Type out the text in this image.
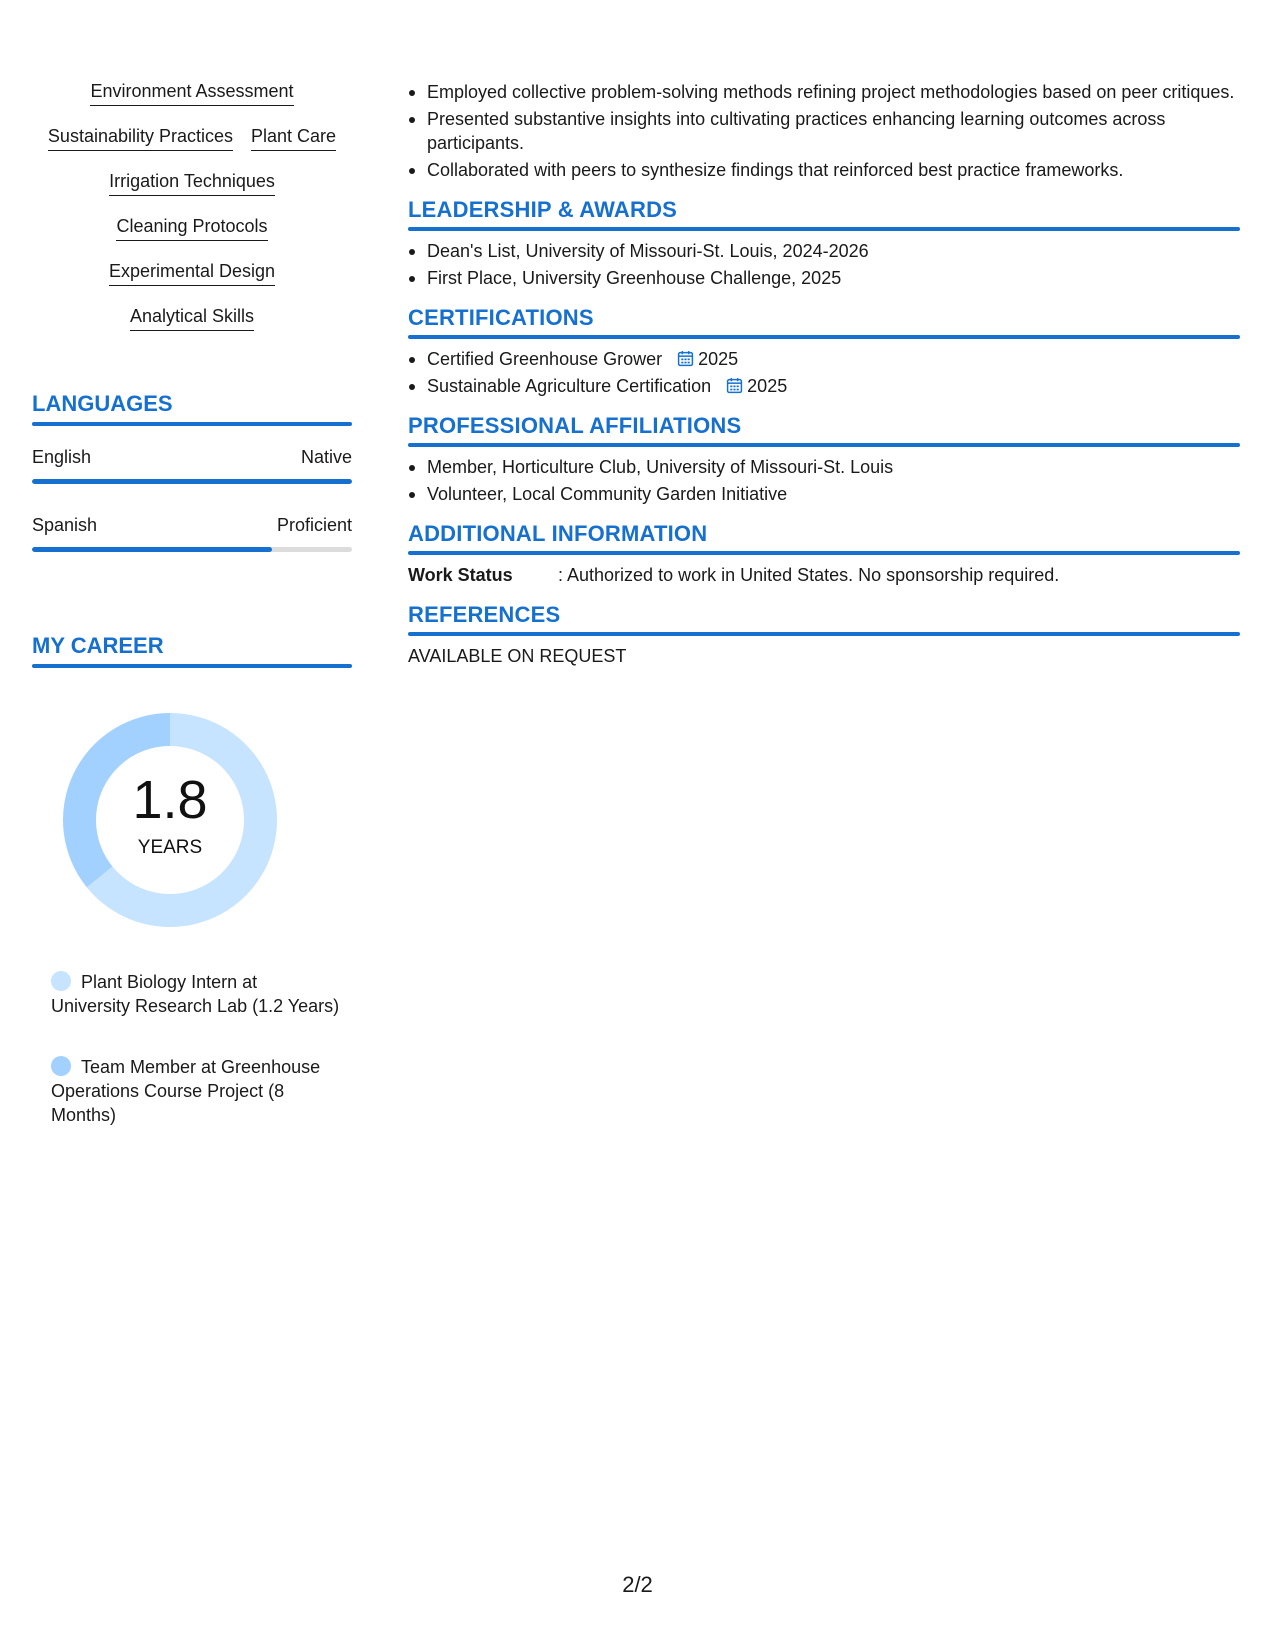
Environment Assessment
Sustainability Practices Plant Care
Irrigation Techniques
Cleaning Protocols
Experimental Design
Analytical Skills
LANGUAGES
English	Native
Spanish	Proficient
MY CAREER
1.8
YEARS
Plant Biology Intern at University Research Lab (1.2 Years)
Team Member at Greenhouse Operations Course Project (8 Months)
Employed collective problem-solving methods refining project methodologies based on peer critiques.
Presented substantive insights into cultivating practices enhancing learning outcomes across participants.
Collaborated with peers to synthesize findings that reinforced best practice frameworks.
LEADERSHIP & AWARDS
Dean's List, University of Missouri-St. Louis, 2024-2026
First Place, University Greenhouse Challenge, 2025
CERTIFICATIONS
Certified Greenhouse Grower 2025
Sustainable Agriculture Certification 2025
PROFESSIONAL AFFILIATIONS
Member, Horticulture Club, University of Missouri-St. Louis
Volunteer, Local Community Garden Initiative
ADDITIONAL INFORMATION
Work Status	: Authorized to work in United States. No sponsorship required.
REFERENCES
AVAILABLE ON REQUEST
2/2
